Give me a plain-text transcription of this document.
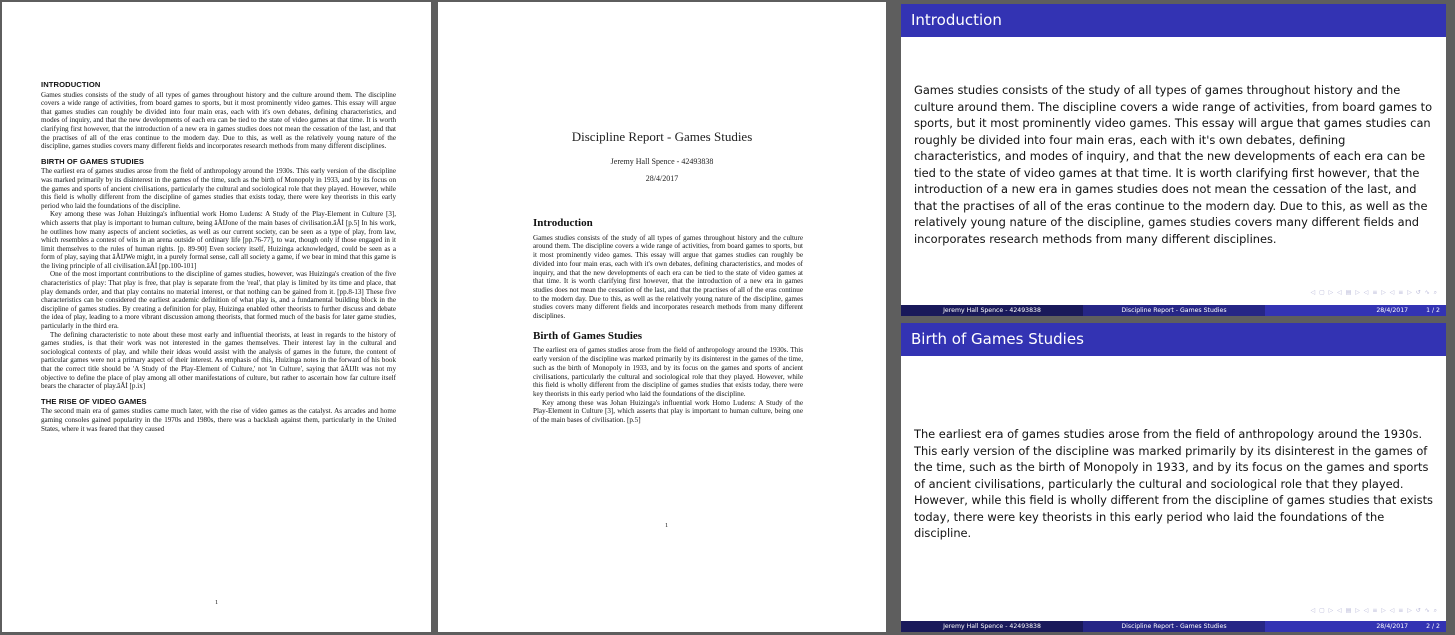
INTRODUCTION

Games studies consists of the study of all types of games throughout history and the culture around them. The discipline covers a wide range of activities, from board games to sports, but it most prominently video games. This essay will argue that games studies can roughly be divided into four main eras, each with it's own debates, defining characteristics, and modes of inquiry, and that the new developments of each era can be tied to the state of video games at that time. It is worth clarifying first however, that the introduction of a new era in games studies does not mean the cessation of the last, and that the practises of all of the eras continue to the modern day. Due to this, as well as the relatively young nature of the discipline, games studies covers many different fields and incorporates research methods from many different disciplines.

BIRTH OF GAMES STUDIES

The earliest era of games studies arose from the field of anthropology around the 1930s. This early version of the discipline was marked primarily by its disinterest in the games of the time, such as the birth of Monopoly in 1933, and by its focus on the games and sports of ancient civilisations, particularly the cultural and sociological role that they played. However, while this field is wholly different from the discipline of games studies that exists today, there were key theorists in this early period who laid the foundations of the discipline.

Key among these was Johan Huizinga's influential work Homo Ludens: A Study of the Play-Element in Culture [3], which asserts that play is important to human culture, being âĂIJone of the main bases of civilisation.âĂİ [p.5] In his work, he outlines how many aspects of ancient societies, as well as our current society, can be seen as a type of play, from law, which resembles a contest of wits in an arena outside of ordinary life [pp.76-77], to war, though only if those engaged in it limit themselves to the rules of human rights. [p. 89-90] Even society itself, Huizinga acknowledged, could be seen as a form of play, saying that âĂIJWe might, in a purely formal sense, call all society a game, if we bear in mind that this game is the living principle of all civilisation.âĂİ [pp.100-101]

One of the most important contributions to the discipline of games studies, however, was Huizinga's creation of the five characteristics of play: That play is free, that play is separate from the 'real', that play is limited by its time and place, that play demands order, and that play contains no material interest, or that nothing can be gained from it. [pp.8-13] These five characteristics can be considered the earliest academic definition of what play is, and a fundamental building block in the discipline of games studies. By creating a definition for play, Huizinga enabled other theorists to further discuss and debate the idea of play, leading to a more vibrant discussion among theorists, that formed much of the basis for later game studies, particularly in the third era.

The defining characteristic to note about these most early and influential theorists, at least in regards to the history of games studies, is that their work was not interested in the games themselves. Their interest lay in the cultural and sociological contexts of play, and while their ideas would assist with the analysis of games in the future, the content of particular games were not a primary aspect of their interest. As emphasis of this, Huizinga notes in the forward of his book that the correct title should be 'A Study of the Play-Element of Culture,' not 'in Culture', saying that âĂIJIt was not my objective to define the place of play among all other manifestations of culture, but rather to ascertain how far culture itself bears the character of play.âĂİ [p.ix]

THE RISE OF VIDEO GAMES

The second main era of games studies came much later, with the rise of video games as the catalyst. As arcades and home gaming consoles gained popularity in the 1970s and 1980s, there was a backlash against them, particularly in the United States, where it was feared that they caused

1
Discipline Report - Games Studies
Jeremy Hall Spence - 42493838
28/4/2017
Introduction

Games studies consists of the study of all types of games throughout history and the culture around them. The discipline covers a wide range of activities, from board games to sports, but it most prominently video games. This essay will argue that games studies can roughly be divided into four main eras, each with it's own debates, defining characteristics, and modes of inquiry, and that the new developments of each era can be tied to the state of video games at that time. It is worth clarifying first however, that the introduction of a new era in games studies does not mean the cessation of the last, and that the practises of all of the eras continue to the modern day. Due to this, as well as the relatively young nature of the discipline, games studies covers many different fields and incorporates research methods from many different disciplines.

Birth of Games Studies

The earliest era of games studies arose from the field of anthropology around the 1930s. This early version of the discipline was marked primarily by its disinterest in the games of the time, such as the birth of Monopoly in 1933, and by its focus on the games and sports of ancient civilisations, particularly the cultural and sociological role that they played. However, while this field is wholly different from the discipline of games studies that exists today, there were key theorists in this early period who laid the foundations of the discipline.

Key among these was Johan Huizinga's influential work Homo Ludens: A Study of the Play-Element in Culture [3], which asserts that play is important to human culture, being one of the main bases of civilisation. [p.5]

1
Introduction
Games studies consists of the study of all types of games throughout history and the culture around them. The discipline covers a wide range of activities, from board games to sports, but it most prominently video games. This essay will argue that games studies can roughly be divided into four main eras, each with it's own debates, defining characteristics, and modes of inquiry, and that the new developments of each era can be tied to the state of video games at that time. It is worth clarifying first however, that the introduction of a new era in games studies does not mean the cessation of the last, and that the practises of all of the eras continue to the modern day. Due to this, as well as the relatively young nature of the discipline, games studies covers many different fields and incorporates research methods from many different disciplines.
◁ ▢ ▷ ◁ ▤ ▷ ◁ ≡ ▷ ◁ ≡ ▷ ↺ ∿ ⌕
Jeremy Hall Spence - 42493838	Discipline Report - Games Studies	28/4/2017	1 / 2
Birth of Games Studies
The earliest era of games studies arose from the field of anthropology around the 1930s. This early version of the discipline was marked primarily by its disinterest in the games of the time, such as the birth of Monopoly in 1933, and by its focus on the games and sports of ancient civilisations, particularly the cultural and sociological role that they played. However, while this field is wholly different from the discipline of games studies that exists today, there were key theorists in this early period who laid the foundations of the discipline.
◁ ▢ ▷ ◁ ▤ ▷ ◁ ≡ ▷ ◁ ≡ ▷ ↺ ∿ ⌕
Jeremy Hall Spence - 42493838	Discipline Report - Games Studies	28/4/2017	2 / 2
